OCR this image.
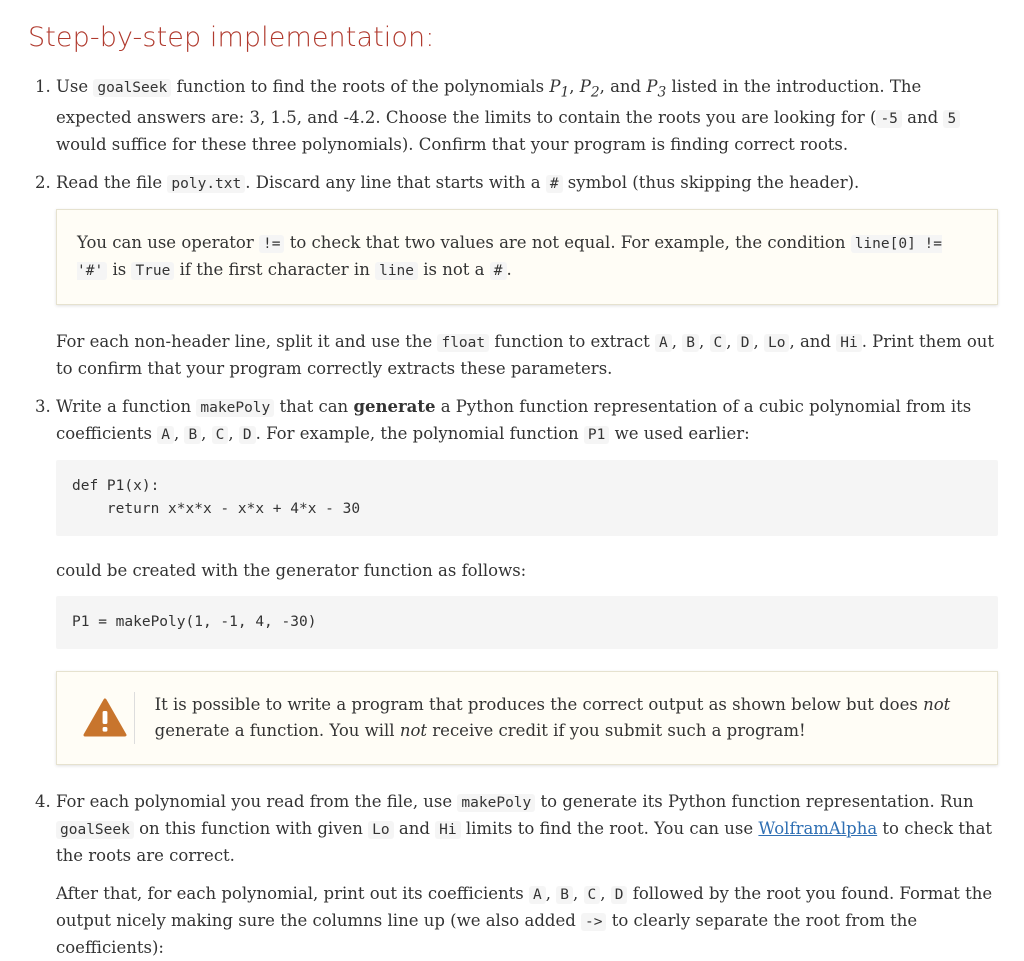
Step-by-step implementation:

1. Use goalSeek function to find the roots of the polynomials $P_1$, $P_2$, and $P_3$ listed in the introduction. The expected answers are: 3, 1.5, and -4.2. Choose the limits to contain the roots you are looking for ( -5 and 5 would suffice for these three polynomials). Confirm that your program is finding correct roots.

2. Read the file poly.txt . Discard any line that starts with a # symbol (thus skipping the header).

You can use operator != to check that two values are not equal. For example, the condition line[0] != '#' is True if the first character in line is not a # .

For each non-header line, split it and use the float function to extract A , B , C , D , Lo , and Hi . Print them out to confirm that your program correctly extracts these parameters.

3. Write a function makePoly that can generate a Python function representation of a cubic polynomial from its coefficients A , B , C , D . For example, the polynomial function P1 we used earlier:

def P1(x):
return x*x*x - x*x + 4*x - 30

could be created with the generator function as follows:

P1 = makePoly(1, -1, 4, -30)
It is possible to write a program that produces the correct output as shown below but does not generate a function. You will not receive credit if you submit such a program!

4. For each polynomial you read from the file, use makePoly to generate its Python function representation. Run goalSeek on this function with given Lo and Hi limits to find the root. You can use WolframAlpha to check that the roots are correct.

After that, for each polynomial, print out its coefficients A , B , C , D followed by the root you found. Format the output nicely making sure the columns line up (we also added -> to clearly separate the root from the coefficients):
